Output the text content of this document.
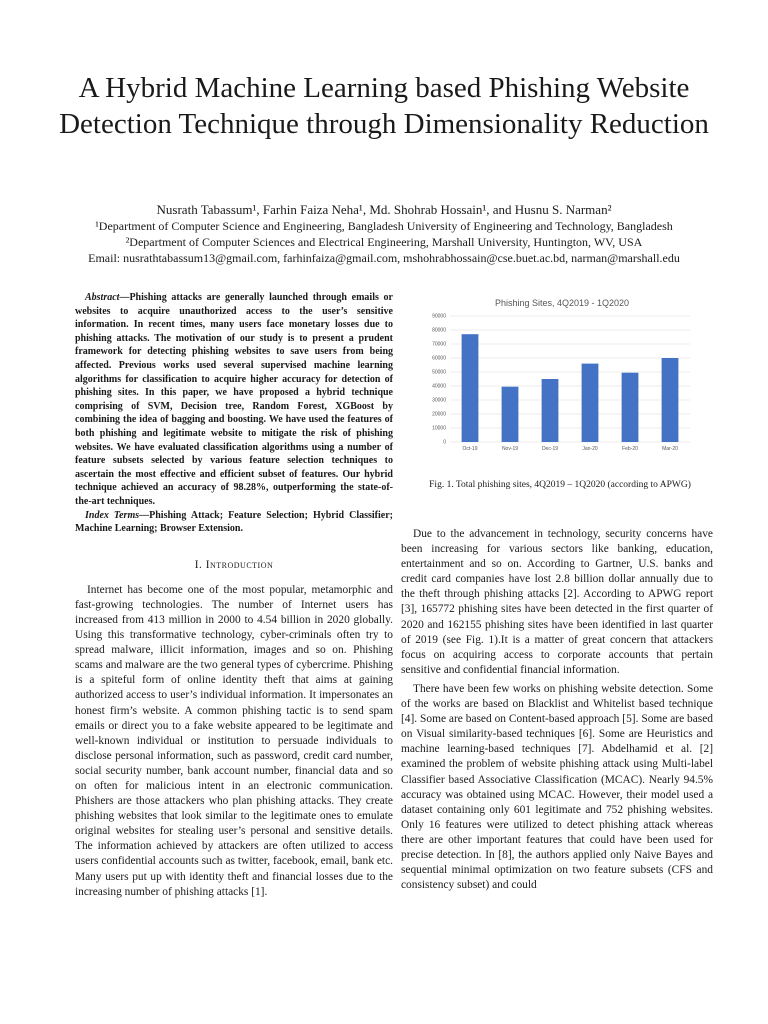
A Hybrid Machine Learning based Phishing Website Detection Technique through Dimensionality Reduction
Nusrath Tabassum¹, Farhin Faiza Neha¹, Md. Shohrab Hossain¹, and Husnu S. Narman²
¹Department of Computer Science and Engineering, Bangladesh University of Engineering and Technology, Bangladesh
²Department of Computer Sciences and Electrical Engineering, Marshall University, Huntington, WV, USA
Email: nusrathtabassum13@gmail.com, farhinfaiza@gmail.com, mshohrabhossain@cse.buet.ac.bd, narman@marshall.edu

Abstract—Phishing attacks are generally launched through emails or websites to acquire unauthorized access to the user’s sensitive information. In recent times, many users face monetary losses due to phishing attacks. The motivation of our study is to present a prudent framework for detecting phishing websites to save users from being affected. Previous works used several supervised machine learning algorithms for classification to acquire higher accuracy for detection of phishing sites. In this paper, we have proposed a hybrid technique comprising of SVM, Decision tree, Random Forest, XGBoost by combining the idea of bagging and boosting. We have used the features of both phishing and legitimate website to mitigate the risk of phishing websites. We have evaluated classification algorithms using a number of feature subsets selected by various feature selection techniques to ascertain the most effective and efficient subset of features. Our hybrid technique achieved an accuracy of 98.28%, outperforming the state-of-the-art techniques.

Index Terms—Phishing Attack; Feature Selection; Hybrid Classifier; Machine Learning; Browser Extension.

I. Introduction

Internet has become one of the most popular, metamorphic and fast-growing technologies. The number of Internet users has increased from 413 million in 2000 to 4.54 billion in 2020 globally. Using this transformative technology, cyber-criminals often try to spread malware, illicit information, images and so on. Phishing scams and malware are the two general types of cybercrime. Phishing is a spiteful form of online identity theft that aims at gaining authorized access to user’s individual information. It impersonates an honest firm’s website. A common phishing tactic is to send spam emails or direct you to a fake website appeared to be legitimate and well-known individual or institution to persuade individuals to disclose personal information, such as password, credit card number, social security number, bank account number, financial data and so on often for malicious intent in an electronic communication. Phishers are those attackers who plan phishing attacks. They create phishing websites that look similar to the legitimate ones to emulate original websites for stealing user’s personal and sensitive details. The information achieved by attackers are often utilized to access users confidential accounts such as twitter, facebook, email, bank etc. Many users put up with identity theft and financial losses due to the increasing number of phishing attacks [1].

Phishing Sites, 4Q2019 - 1Q2020
0
10000
20000
30000
40000
50000
60000
70000
80000
90000
Oct-19	Nov-19	Dec-19	Jan-20	Feb-20	Mar-20
Fig. 1. Total phishing sites, 4Q2019 – 1Q2020 (according to APWG)

Due to the advancement in technology, security concerns have been increasing for various sectors like banking, education, entertainment and so on. According to Gartner, U.S. banks and credit card companies have lost 2.8 billion dollar annually due to the theft through phishing attacks [2]. According to APWG report [3], 165772 phishing sites have been detected in the first quarter of 2020 and 162155 phishing sites have been identified in last quarter of 2019 (see Fig. 1).It is a matter of great concern that attackers focus on acquiring access to corporate accounts that pertain sensitive and confidential financial information.

There have been few works on phishing website detection. Some of the works are based on Blacklist and Whitelist based technique [4]. Some are based on Content-based approach [5]. Some are based on Visual similarity-based techniques [6]. Some are Heuristics and machine learning-based techniques [7]. Abdelhamid et al. [2] examined the problem of website phishing attack using Multi-label Classifier based Associative Classification (MCAC). Nearly 94.5% accuracy was obtained using MCAC. However, their model used a dataset containing only 601 legitimate and 752 phishing websites. Only 16 features were utilized to detect phishing attack whereas there are other important features that could have been used for precise detection. In [8], the authors applied only Naive Bayes and sequential minimal optimization on two feature subsets (CFS and consistency subset) and could
